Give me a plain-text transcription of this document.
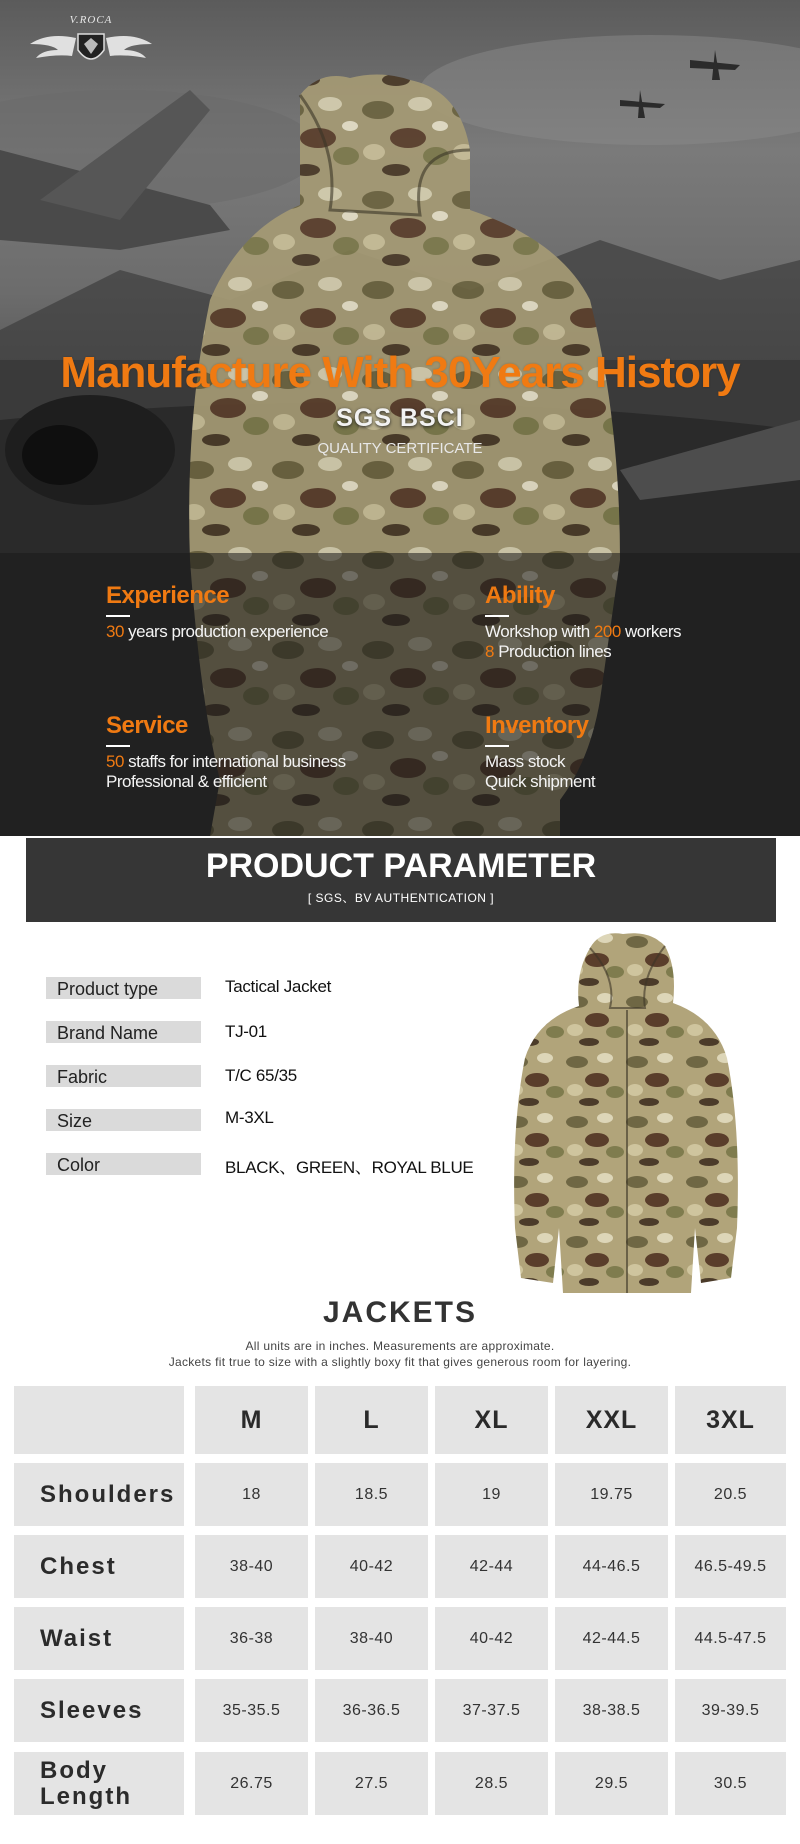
V.ROCA
Manufacture With 30Years History
SGS BSCI
QUALITY CERTIFICATE
Experience
30 years production experience
Ability
Workshop with 200 workers
8 Production lines
Service
50 staffs for international business
Professional & efficient
Inventory
Mass stock
Quick shipment
PRODUCT PARAMETER
[ SGS、BV AUTHENTICATION ]
Product type	Tactical Jacket
Brand Name	TJ-01
Fabric	T/C 65/35
Size	M-3XL
Color	BLACK、GREEN、ROYAL BLUE
JACKETS
All units are in inches. Measurements are approximate.
Jackets fit true to size with a slightly boxy fit that gives generous room for layering.
M	L	XL	XXL	3XL
Shoulders	18	18.5	19	19.75	20.5
Chest	38-40	40-42	42-44	44-46.5	46.5-49.5
Waist	36-38	38-40	40-42	42-44.5	44.5-47.5
Sleeves	35-35.5	36-36.5	37-37.5	38-38.5	39-39.5
Body Length	26.75	27.5	28.5	29.5	30.5
